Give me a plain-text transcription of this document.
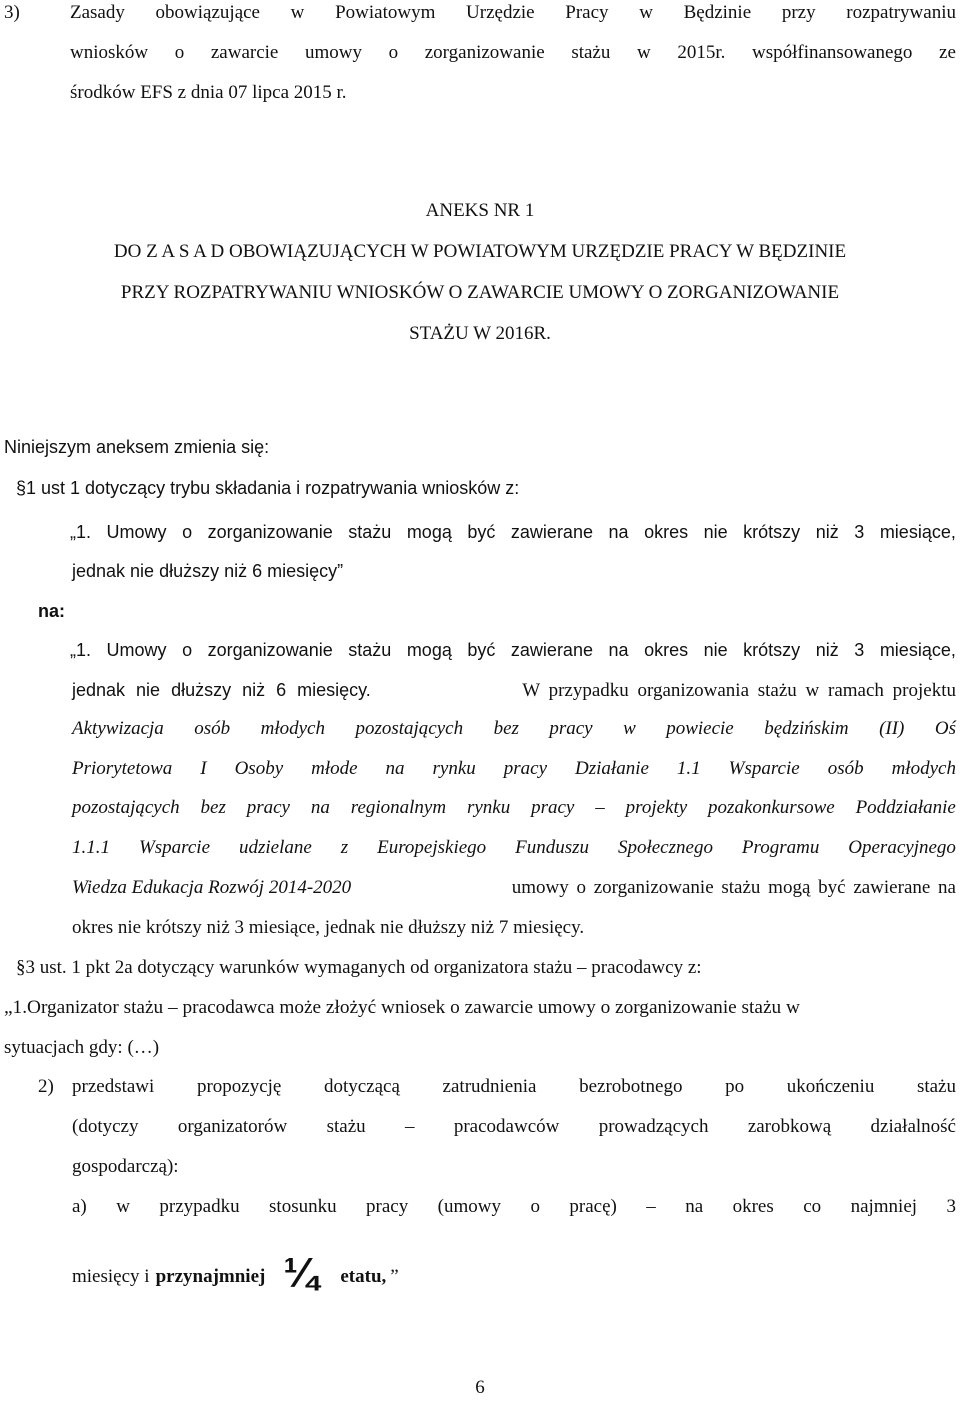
3)	Zasady obowiązujące w Powiatowym Urzędzie Pracy w Będzinie przy rozpatrywaniu
wniosków o zawarcie umowy o zorganizowanie stażu w 2015r. współfinansowanego ze
środków EFS z dnia 07 lipca 2015 r.
ANEKS NR 1
DO Z A S A D OBOWIĄZUJĄCYCH W POWIATOWYM URZĘDZIE PRACY W BĘDZINIE
PRZY ROZPATRYWANIU WNIOSKÓW O ZAWARCIE UMOWY O ZORGANIZOWANIE
STAŻU W 2016R.
Niniejszym aneksem zmienia się:
§1 ust 1 dotyczący trybu składania i rozpatrywania wniosków z:
„1. Umowy o zorganizowanie stażu mogą być zawierane na okres nie krótszy niż 3 miesiące,
jednak nie dłuższy niż 6 miesięcy”
na:
„1. Umowy o zorganizowanie stażu mogą być zawierane na okres nie krótszy niż 3 miesiące,
jednak nie dłuższy niż 6 miesięcy.	W przypadku organizowania stażu w ramach projektu
Aktywizacja osób młodych pozostających bez pracy w powiecie będzińskim (II) Oś
Priorytetowa I Osoby młode na rynku pracy Działanie 1.1 Wsparcie osób młodych
pozostających bez pracy na regionalnym rynku pracy – projekty pozakonkursowe Poddziałanie
1.1.1 Wsparcie udzielane z Europejskiego Funduszu Społecznego Programu Operacyjnego
Wiedza Edukacja Rozwój 2014-2020	umowy o zorganizowanie stażu mogą być zawierane na
okres nie krótszy niż 3 miesiące, jednak nie dłuższy niż 7 miesięcy.
§3 ust. 1 pkt 2a dotyczący warunków wymaganych od organizatora stażu – pracodawcy z:
„1.Organizator stażu – pracodawca może złożyć wniosek o zawarcie umowy o zorganizowanie stażu w
sytuacjach gdy: (…)
2) przedstawi propozycję dotyczącą zatrudnienia bezrobotnego po ukończeniu stażu
(dotyczy organizatorów stażu – pracodawców prowadzących zarobkową działalność
gospodarczą):
a) w przypadku stosunku pracy (umowy o pracę) – na okres co najmniej 3
miesięcy i przynajmniej ¼ etatu, ”
6
